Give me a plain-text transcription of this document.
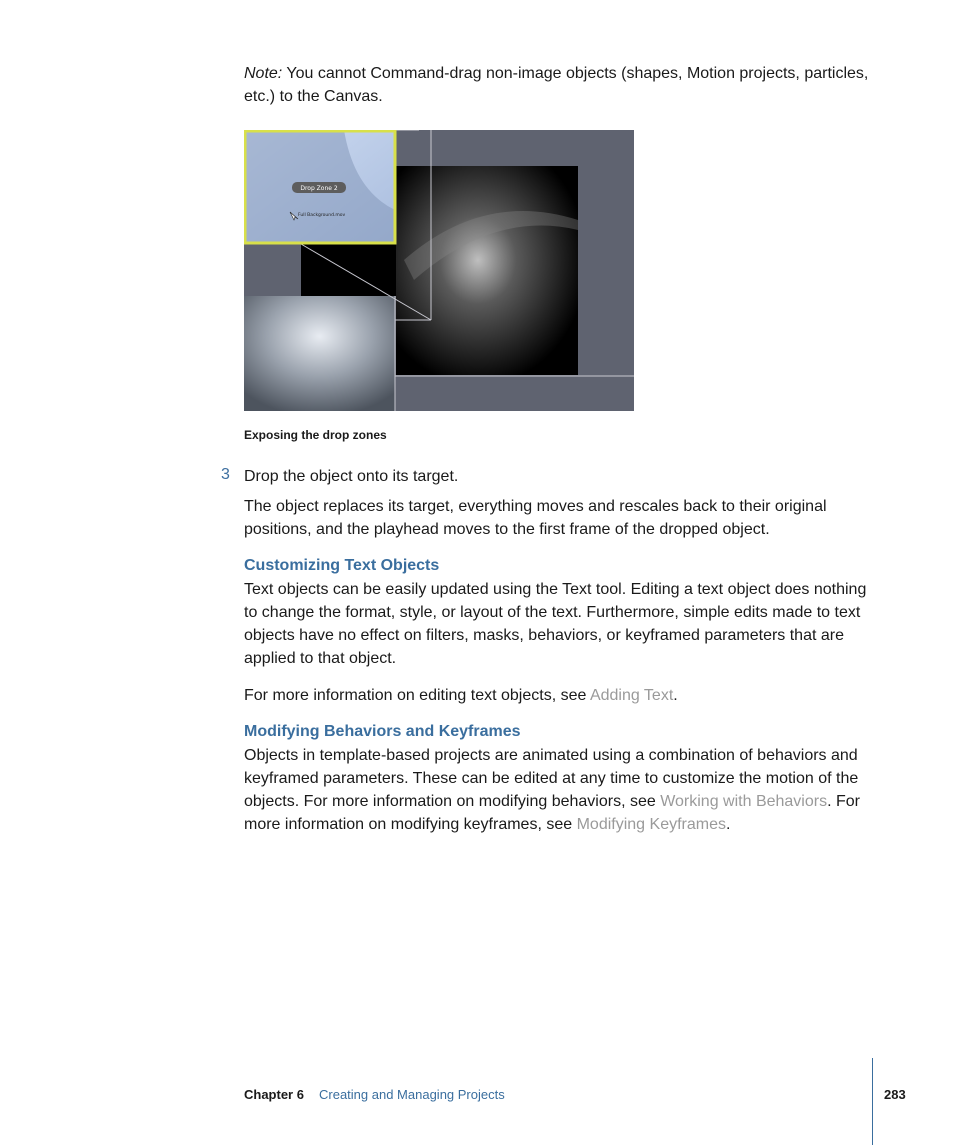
Note: You cannot Command-drag non-image objects (shapes, Motion projects, particles, etc.) to the Canvas.

Drop Zone 2
Full Background.mov
Exposing the drop zones
3 Drop the object onto its target.

The object replaces its target, everything moves and rescales back to their original positions, and the playhead moves to the first frame of the dropped object.

Customizing Text Objects

Text objects can be easily updated using the Text tool. Editing a text object does nothing to change the format, style, or layout of the text. Furthermore, simple edits made to text objects have no effect on filters, masks, behaviors, or keyframed parameters that are applied to that object.

For more information on editing text objects, see Adding Text.

Modifying Behaviors and Keyframes

Objects in template-based projects are animated using a combination of behaviors and keyframed parameters. These can be edited at any time to customize the motion of the objects. For more information on modifying behaviors, see Working with Behaviors. For more information on modifying keyframes, see Modifying Keyframes.

Chapter 6 Creating and Managing Projects	283
